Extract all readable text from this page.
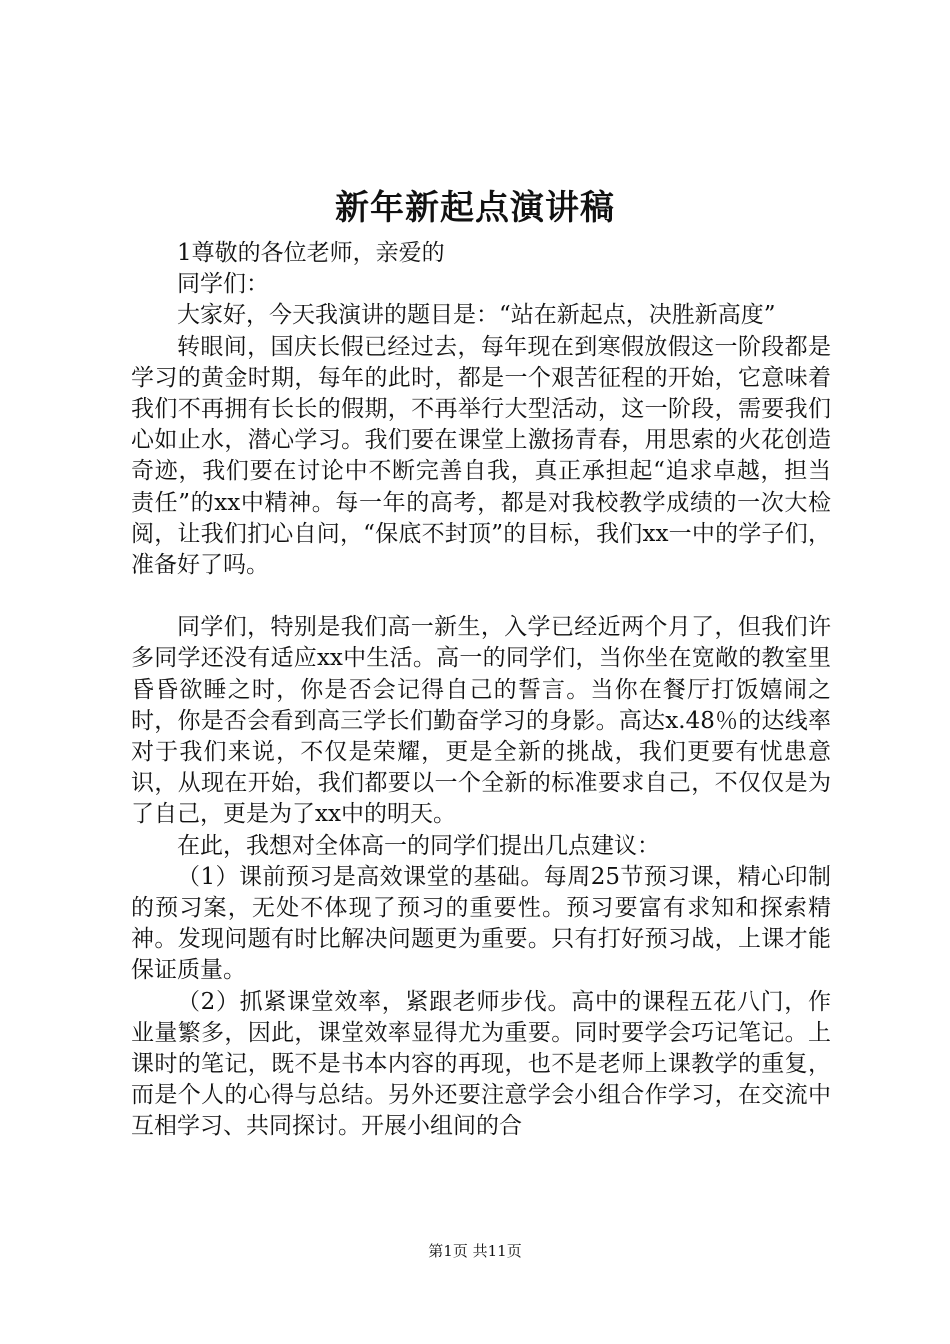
新年新起点演讲稿

1尊敬的各位老师，亲爱的

同学们：

大家好，今天我演讲的题目是：“站在新起点，决胜新高度”

转眼间，国庆长假已经过去，每年现在到寒假放假这一阶段都是学习的黄金时期，每年的此时，都是一个艰苦征程的开始，它意味着我们不再拥有长长的假期，不再举行大型活动，这一阶段，需要我们心如止水，潜心学习。我们要在课堂上激扬青春，用思索的火花创造奇迹，我们要在讨论中不断完善自我，真正承担起“追求卓越，担当责任”的xx中精神。每一年的高考，都是对我校教学成绩的一次大检阅，让我们扪心自问，“保底不封顶”的目标，我们xx一中的学子们，准备好了吗。

同学们，特别是我们高一新生，入学已经近两个月了，但我们许多同学还没有适应xx中生活。高一的同学们，当你坐在宽敞的教室里昏昏欲睡之时，你是否会记得自己的誓言。当你在餐厅打饭嬉闹之时，你是否会看到高三学长们勤奋学习的身影。高达x.48％的达线率对于我们来说，不仅是荣耀，更是全新的挑战，我们更要有忧患意识，从现在开始，我们都要以一个全新的标准要求自己，不仅仅是为了自己，更是为了xx中的明天。

在此，我想对全体高一的同学们提出几点建议：

（1）课前预习是高效课堂的基础。每周25节预习课，精心印制的预习案，无处不体现了预习的重要性。预习要富有求知和探索精神。发现问题有时比解决问题更为重要。只有打好预习战，上课才能保证质量。

（2）抓紧课堂效率，紧跟老师步伐。高中的课程五花八门，作业量繁多，因此，课堂效率显得尤为重要。同时要学会巧记笔记。上课时的笔记，既不是书本内容的再现，也不是老师上课教学的重复，而是个人的心得与总结。另外还要注意学会小组合作学习，在交流中互相学习、共同探讨。开展小组间的合

第1页 共11页
